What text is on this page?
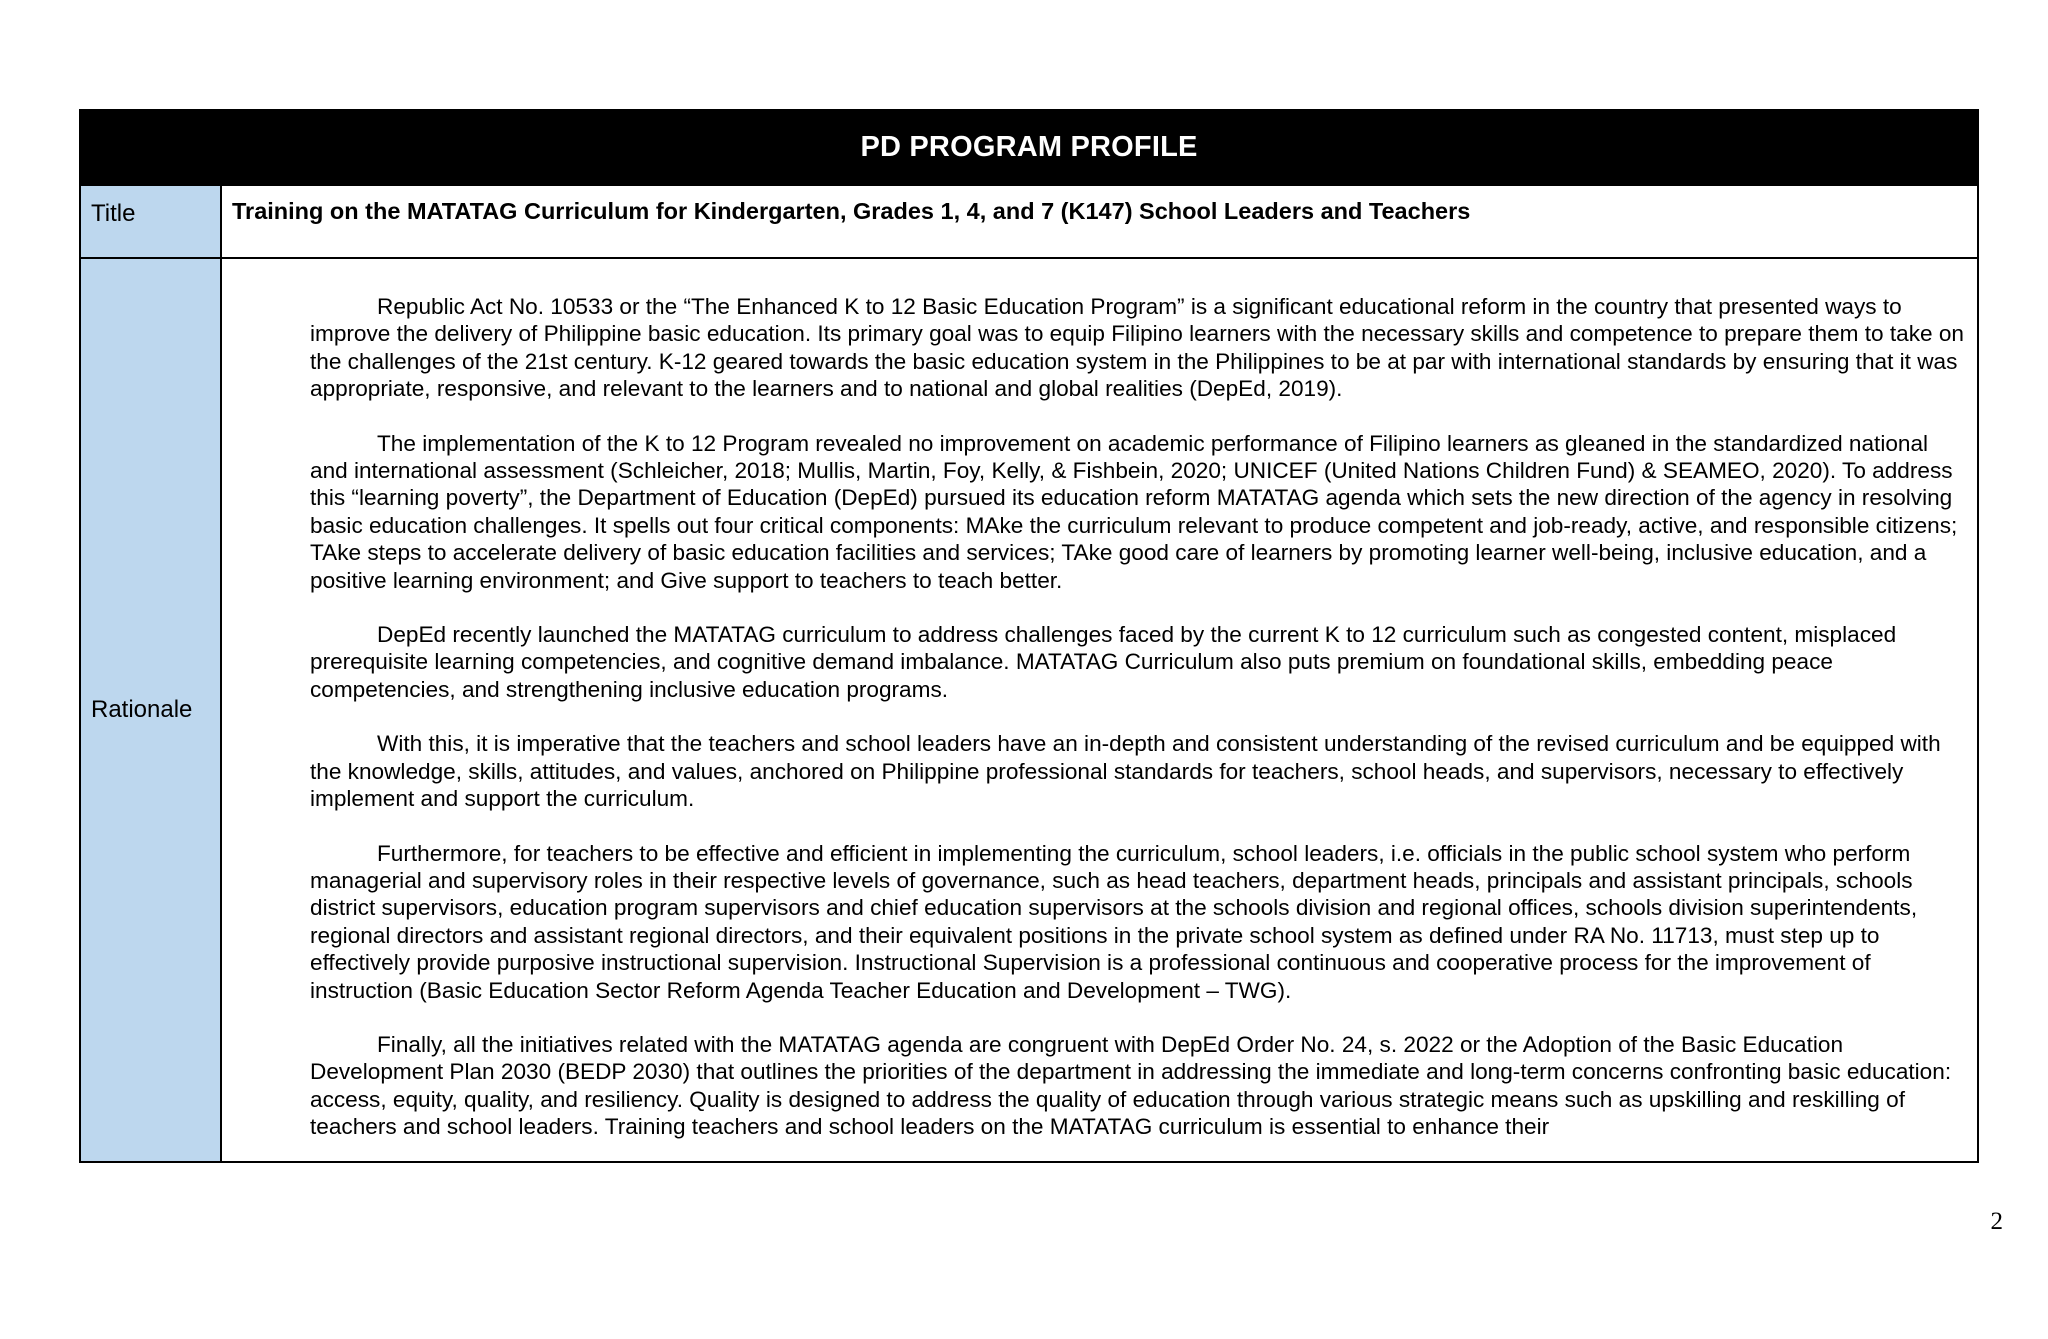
PD PROGRAM PROFILE
Title	Training on the MATATAG Curriculum for Kindergarten, Grades 1, 4, and 7 (K147) School Leaders and Teachers
Rationale

Republic Act No. 10533 or the “The Enhanced K to 12 Basic Education Program” is a significant educational reform in the country that presented ways to improve the delivery of Philippine basic education. Its primary goal was to equip Filipino learners with the necessary skills and competence to prepare them to take on the challenges of the 21st century. K-12 geared towards the basic education system in the Philippines to be at par with international standards by ensuring that it was appropriate, responsive, and relevant to the learners and to national and global realities (DepEd, 2019).

The implementation of the K to 12 Program revealed no improvement on academic performance of Filipino learners as gleaned in the standardized national and international assessment (Schleicher, 2018; Mullis, Martin, Foy, Kelly, & Fishbein, 2020; UNICEF (United Nations Children Fund) & SEAMEO, 2020). To address this “learning poverty”, the Department of Education (DepEd) pursued its education reform MATATAG agenda which sets the new direction of the agency in resolving basic education challenges. It spells out four critical components: MAke the curriculum relevant to produce competent and job-ready, active, and responsible citizens; TAke steps to accelerate delivery of basic education facilities and services; TAke good care of learners by promoting learner well-being, inclusive education, and a positive learning environment; and Give support to teachers to teach better.

DepEd recently launched the MATATAG curriculum to address challenges faced by the current K to 12 curriculum such as congested content, misplaced prerequisite learning competencies, and cognitive demand imbalance. MATATAG Curriculum also puts premium on foundational skills, embedding peace competencies, and strengthening inclusive education programs.

With this, it is imperative that the teachers and school leaders have an in-depth and consistent understanding of the revised curriculum and be equipped with the knowledge, skills, attitudes, and values, anchored on Philippine professional standards for teachers, school heads, and supervisors, necessary to effectively implement and support the curriculum.

Furthermore, for teachers to be effective and efficient in implementing the curriculum, school leaders, i.e. officials in the public school system who perform managerial and supervisory roles in their respective levels of governance, such as head teachers, department heads, principals and assistant principals, schools district supervisors, education program supervisors and chief education supervisors at the schools division and regional offices, schools division superintendents, regional directors and assistant regional directors, and their equivalent positions in the private school system as defined under RA No. 11713, must step up to effectively provide purposive instructional supervision. Instructional Supervision is a professional continuous and cooperative process for the improvement of instruction (Basic Education Sector Reform Agenda Teacher Education and Development – TWG).

Finally, all the initiatives related with the MATATAG agenda are congruent with DepEd Order No. 24, s. 2022 or the Adoption of the Basic Education Development Plan 2030 (BEDP 2030) that outlines the priorities of the department in addressing the immediate and long-term concerns confronting basic education: access, equity, quality, and resiliency. Quality is designed to address the quality of education through various strategic means such as upskilling and reskilling of teachers and school leaders. Training teachers and school leaders on the MATATAG curriculum is essential to enhance their

2
